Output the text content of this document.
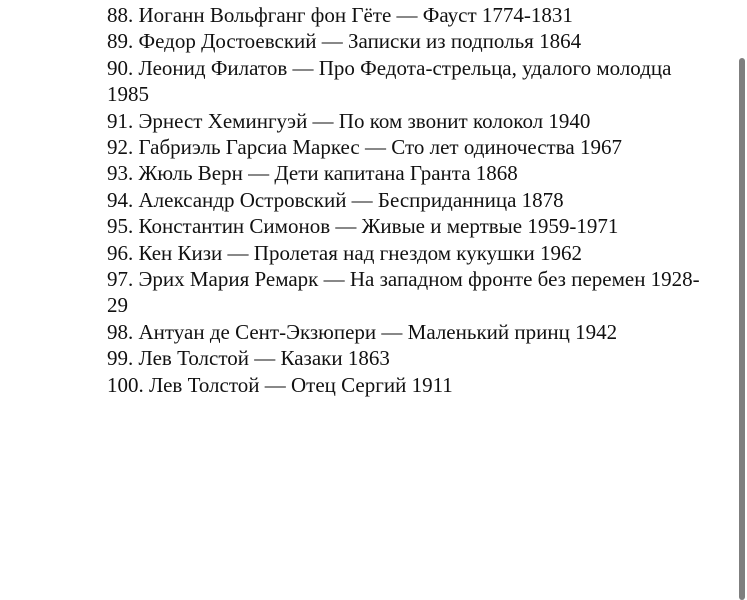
88. Иоганн Вольфганг фон Гёте — Фауст 1774-1831
89. Федор Достоевский — Записки из подполья 1864
90. Леонид Филатов — Про Федота-стрельца, удалого молодца 1985
91. Эрнест Хемингуэй — По ком звонит колокол 1940
92. Габриэль Гарсиа Маркес — Сто лет одиночества 1967
93. Жюль Верн — Дети капитана Гранта 1868
94. Александр Островский — Бесприданница 1878
95. Константин Симонов — Живые и мертвые 1959-1971
96. Кен Кизи — Пролетая над гнездом кукушки 1962
97. Эрих Мария Ремарк — На западном фронте без перемен 1928-29
98. Антуан де Сент-Экзюпери — Маленький принц 1942
99. Лев Толстой — Казаки 1863
100. Лев Толстой — Отец Сергий 1911
